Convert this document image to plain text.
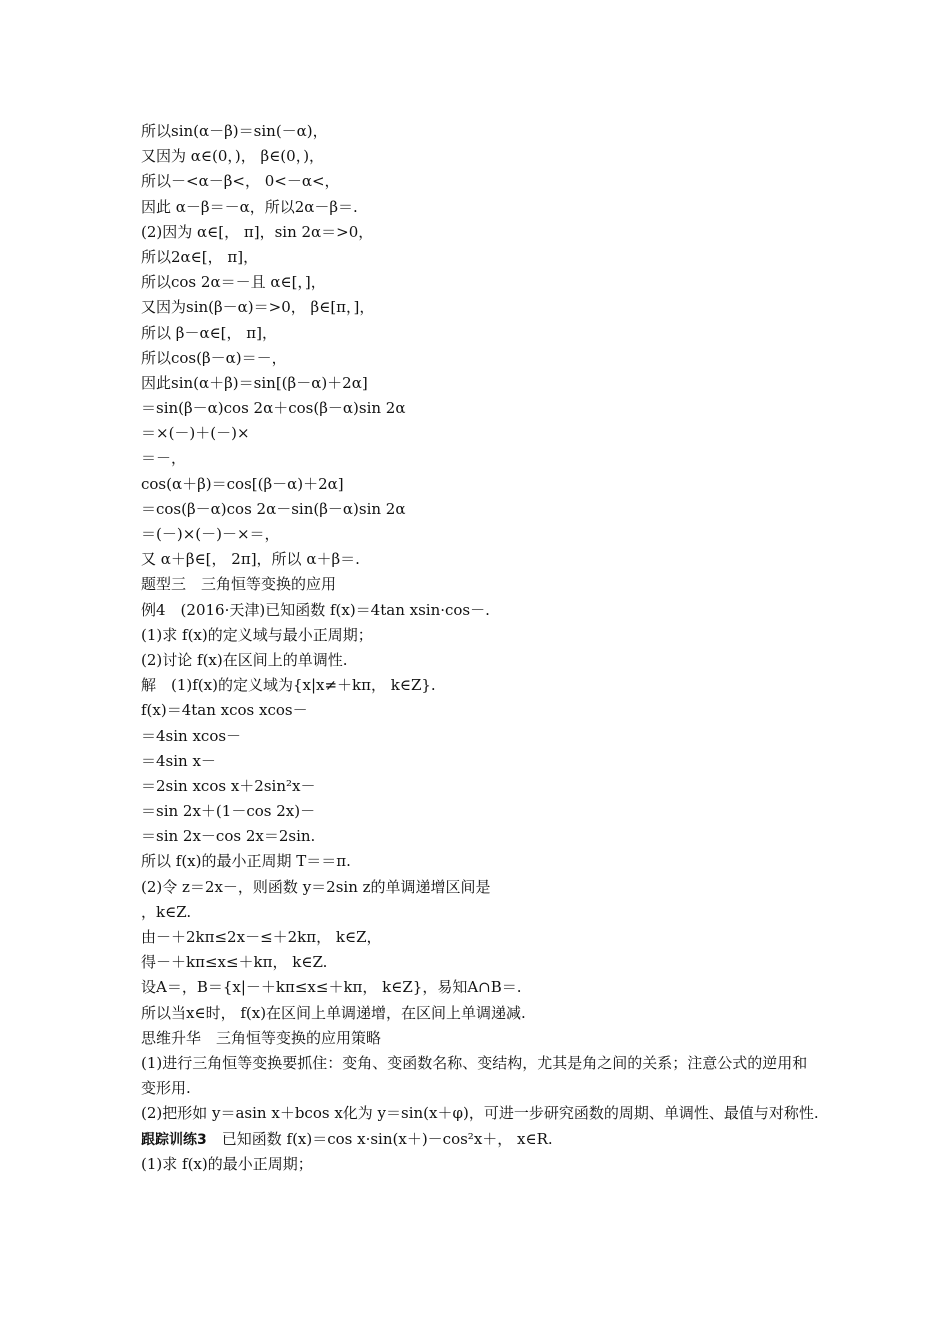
所以sin(α－β)＝sin(－α)，
又因为 α∈(0，)， β∈(0，)，
所以－<α－β<， 0<－α<，
因此 α－β＝－α，所以2α－β＝.
(2)因为 α∈[， π]，sin 2α＝>0，
所以2α∈[， π]，
所以cos 2α＝－且 α∈[，]，
又因为sin(β－α)＝>0， β∈[π，]，
所以 β－α∈[， π]，
所以cos(β－α)＝－，
因此sin(α＋β)＝sin[(β－α)＋2α]
＝sin(β－α)cos 2α＋cos(β－α)sin 2α
＝×(－)＋(－)×
＝－，
cos(α＋β)＝cos[(β－α)＋2α]
＝cos(β－α)cos 2α－sin(β－α)sin 2α
＝(－)×(－)－×＝，
又 α＋β∈[， 2π]，所以 α＋β＝.
题型三　三角恒等变换的应用
例4　(2016·天津)已知函数 f(x)＝4tan xsin·cos－.
(1)求 f(x)的定义域与最小正周期；
(2)讨论 f(x)在区间上的单调性.
解　(1)f(x)的定义域为{x|x≠＋kπ， k∈Z}.
f(x)＝4tan xcos xcos－
＝4sin xcos－
＝4sin x－
＝2sin xcos x＋2sin²x－
＝sin 2x＋(1－cos 2x)－
＝sin 2x－cos 2x＝2sin.
所以 f(x)的最小正周期 T＝＝π.
(2)令 z＝2x－，则函数 y＝2sin z的单调递增区间是
，k∈Z.
由－＋2kπ≤2x－≤＋2kπ， k∈Z，
得－＋kπ≤x≤＋kπ， k∈Z.
设A＝，B＝{x|－＋kπ≤x≤＋kπ， k∈Z}，易知A∩B＝.
所以当x∈时， f(x)在区间上单调递增，在区间上单调递减.
思维升华　三角恒等变换的应用策略
(1)进行三角恒等变换要抓住：变角、变函数名称、变结构，尤其是角之间的关系；注意公式的逆用和变形用.
(2)把形如 y＝asin x＋bcos x化为 y＝sin(x＋φ)，可进一步研究函数的周期、单调性、最值与对称性.
跟踪训练3　已知函数 f(x)＝cos x·sin(x＋)－cos²x＋， x∈R.
(1)求 f(x)的最小正周期；
